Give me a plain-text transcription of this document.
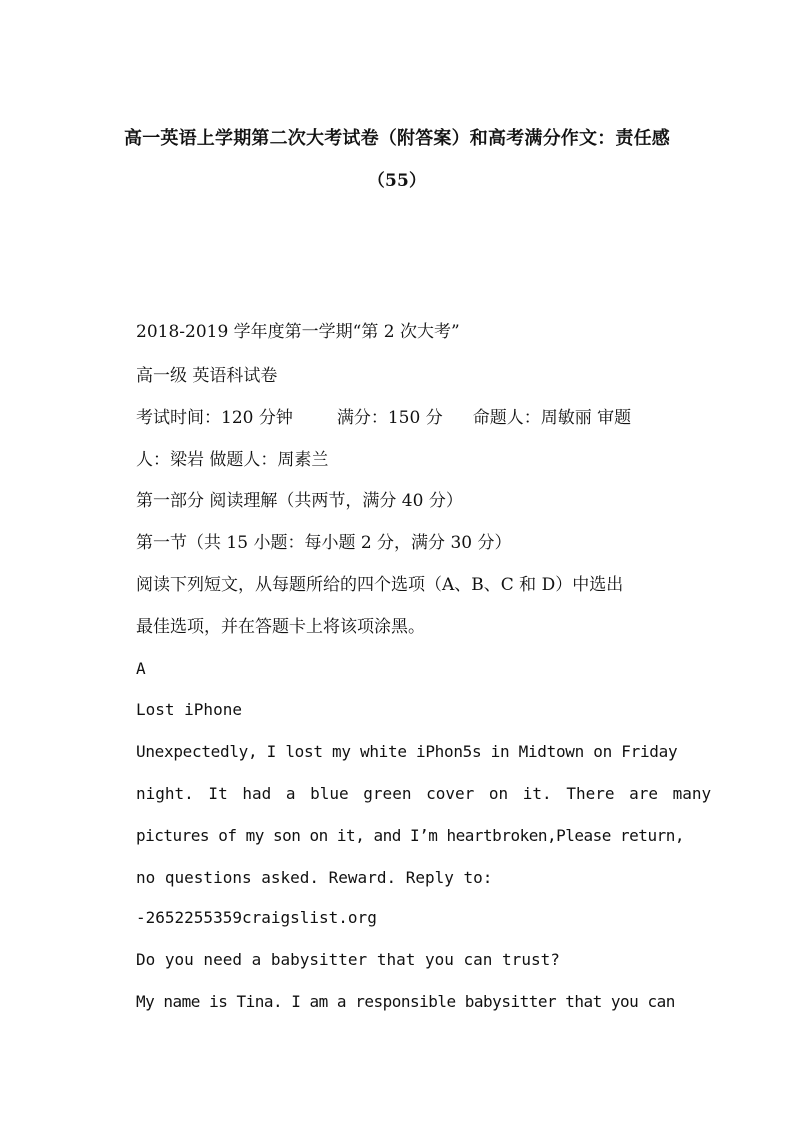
高一英语上学期第二次大考试卷（附答案）和高考满分作文：责任感
（55）
2018-2019 学年度第一学期“第 2 次大考”
高一级 英语科试卷
考试时间：120 分钟	满分：150 分 命题人：周敏丽 审题
人：梁岩 做题人：周素兰
第一部分 阅读理解（共两节，满分 40 分）
第一节（共 15 小题：每小题 2 分，满分 30 分）
阅读下列短文，从每题所给的四个选项（A、B、C 和 D）中选出
最佳选项，并在答题卡上将该项涂黑。
A
Lost iPhone
Unexpectedly, I lost my white iPhon5s in Midtown on Friday
night. It had a blue green cover on it. There are many
pictures of my son on it, and I’m heartbroken,Please return,
no questions asked. Reward. Reply to:
-2652255359craigslist.org
Do you need a babysitter that you can trust?
My name is Tina. I am a responsible babysitter that you can
